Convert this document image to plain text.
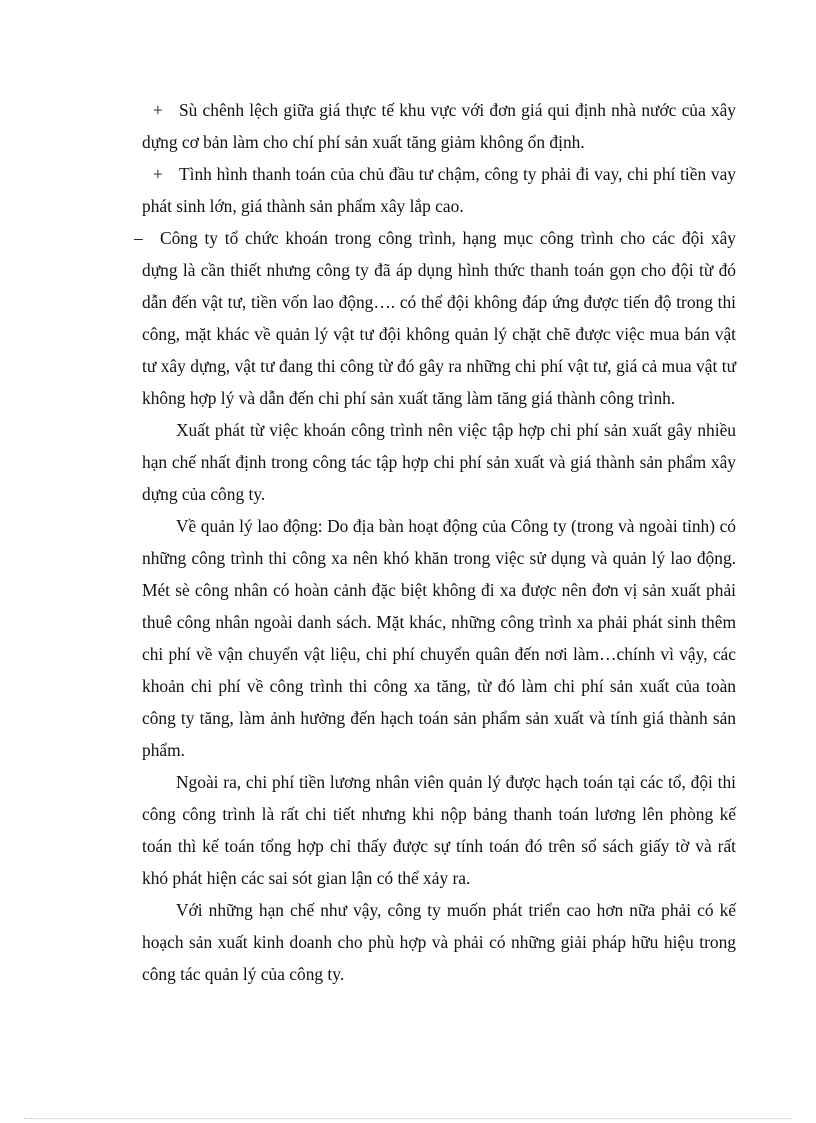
+ Sù chênh lệch giữa giá thực tế khu vực với đơn giá qui định nhà nước của xây dựng cơ bản làm cho chí phí sản xuất tăng giảm không ổn định.

+ Tình hình thanh toán của chủ đầu tư chậm, công ty phải đi vay, chi phí tiền vay phát sinh lớn, giá thành sản phẩm xây lắp cao.

– Công ty tổ chức khoán trong công trình, hạng mục công trình cho các đội xây dựng là cần thiết nhưng công ty đã áp dụng hình thức thanh toán gọn cho đội từ đó dẫn đến vật tư, tiền vốn lao động…. có thể đội không đáp ứng được tiến độ trong thi công, mặt khác về quản lý vật tư đội không quản lý chặt chẽ được việc mua bán vật tư xây dựng, vật tư đang thi công từ đó gây ra những chi phí vật tư, giá cả mua vật tư không hợp lý và dẫn đến chi phí sản xuất tăng làm tăng giá thành công trình.

Xuất phát từ việc khoán công trình nên việc tập hợp chi phí sản xuất gây nhiều hạn chế nhất định trong công tác tập hợp chi phí sản xuất và giá thành sản phẩm xây dựng của công ty.

Về quản lý lao động: Do địa bàn hoạt động của Công ty (trong và ngoài tỉnh) có những công trình thi công xa nên khó khăn trong việc sử dụng và quản lý lao động. Mét sè công nhân có hoàn cảnh đặc biệt không đi xa được nên đơn vị sản xuất phải thuê công nhân ngoài danh sách. Mặt khác, những công trình xa phải phát sinh thêm chi phí về vận chuyển vật liệu, chi phí chuyển quân đến nơi làm…chính vì vậy, các khoản chi phí về công trình thi công xa tăng, từ đó làm chi phí sản xuất của toàn công ty tăng, làm ảnh hưởng đến hạch toán sản phẩm sản xuất và tính giá thành sản phẩm.

Ngoài ra, chi phí tiền lương nhân viên quản lý được hạch toán tại các tổ, đội thi công công trình là rất chi tiết nhưng khi nộp bảng thanh toán lương lên phòng kế toán thì kế toán tổng hợp chỉ thấy được sự tính toán đó trên sổ sách giấy tờ và rất khó phát hiện các sai sót gian lận có thể xảy ra.

Với những hạn chế như vậy, công ty muốn phát triển cao hơn nữa phải có kế hoạch sản xuất kinh doanh cho phù hợp và phải có những giải pháp hữu hiệu trong công tác quản lý của công ty.
